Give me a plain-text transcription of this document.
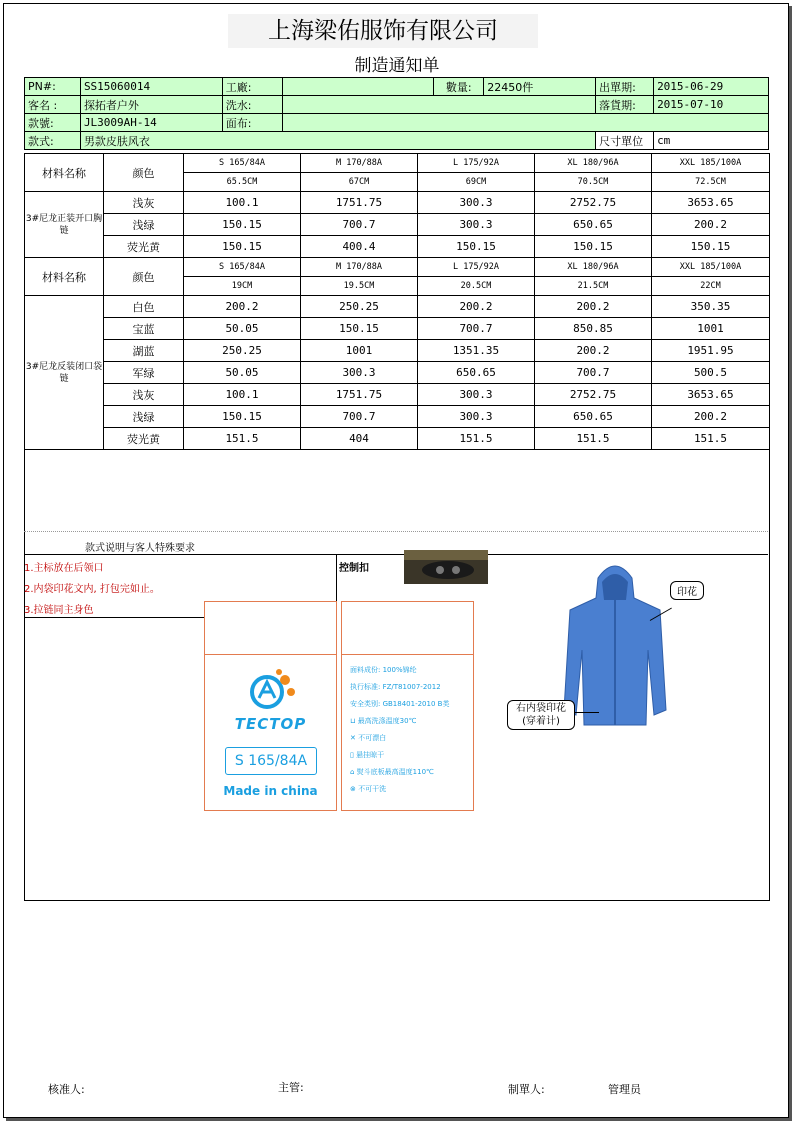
上海梁佑服饰有限公司
制造通知单
PN#:	SS15060014	工廠:		數量:	22450件	出單期:	2015-06-29
客名 :	探拓者户外	洗水:				落貨期:	2015-07-10
款號:	JL3009AH-14	面布:					
款式:	男款皮肤风衣					尺寸單位	cm
材料名称	颜色	S 165/84A	M 170/88A	L 175/92A	XL 180/96A	XXL 185/100A
		65.5CM	67CM	69CM	70.5CM	72.5CM
3#尼龙正装开口胸链	浅灰	100.1	1751.75	300.3	2752.75	3653.65
	浅绿	150.15	700.7	300.3	650.65	200.2
	荧光黄	150.15	400.4	150.15	150.15	150.15
材料名称	颜色	S 165/84A	M 170/88A	L 175/92A	XL 180/96A	XXL 185/100A
		19CM	19.5CM	20.5CM	21.5CM	22CM
3#尼龙反装闭口袋链	白色	200.2	250.25	200.2	200.2	350.35
	宝蓝	50.05	150.15	700.7	850.85	1001
	湖蓝	250.25	1001	1351.35	200.2	1951.95
	军绿	50.05	300.3	650.65	700.7	500.5
	浅灰	100.1	1751.75	300.3	2752.75	3653.65
	浅绿	150.15	700.7	300.3	650.65	200.2
	荧光黄	151.5	404	151.5	151.5	151.5
款式说明与客人特殊要求
1.主标放在后领口
2.内袋印花文内, 打包完如止。
3.拉链同主身色
控制扣
TECTOP
S 165/84A
Made in china
面料成份: 100%锦纶
执行标准: FZ/T81007-2012
安全类别: GB18401-2010 B类
⊔ 最高洗涤温度30℃
✕ 不可漂白
▯ 悬挂晾干
⌂ 熨斗底板最高温度110℃
⊗ 不可干洗
印花
右内袋印花
(穿着计)
核准人:	主管:	制單人:	管理员
